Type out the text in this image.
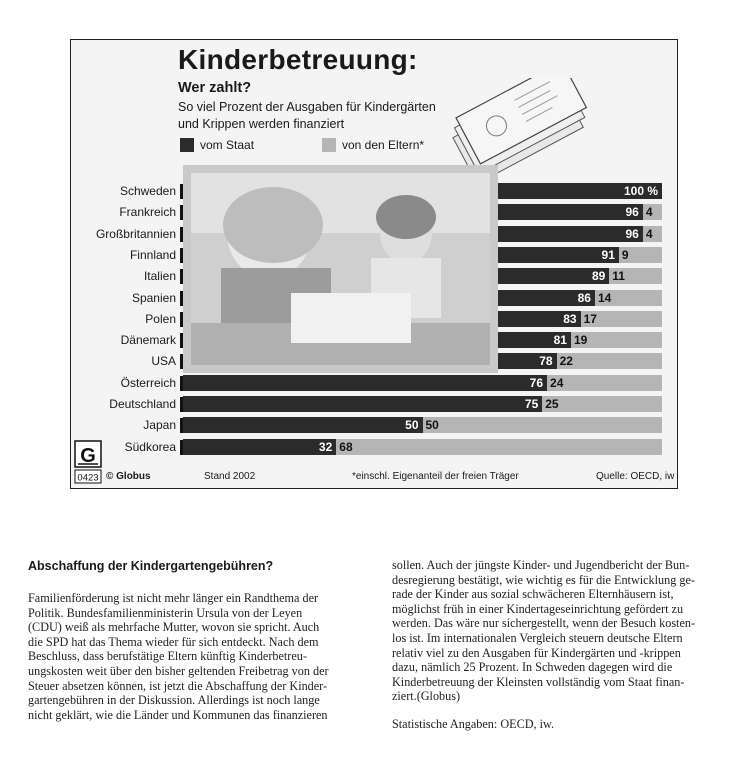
Kinderbetreuung:
Wer zahlt?
So viel Prozent der Ausgaben für Kindergärten
und Krippen werden finanziert
vom Staat	von den Eltern*
Schweden	100 %
Frankreich	96 4
Großbritannien	96 4
Finnland	91 9
Italien	89 11
Spanien	86 14
Polen	83 17
Dänemark	81 19
USA	78 22
Österreich	76 24
Deutschland	75 25
Japan	50 50
Südkorea	32 68
G
0423 © Globus	Stand 2002	*einschl. Eigenanteil der freien Träger	Quelle: OECD, iw
Abschaffung der Kindergartengebühren?

Familienförderung ist nicht mehr länger ein Randthema der

Politik. Bundesfamilienministerin Ursula von der Leyen

(CDU) weiß als mehrfache Mutter, wovon sie spricht. Auch

die SPD hat das Thema wieder für sich entdeckt. Nach dem

Beschluss, dass berufstätige Eltern künftig Kinderbetreu-

ungskosten weit über den bisher geltenden Freibetrag von der

Steuer absetzen können, ist jetzt die Abschaffung der Kinder-

gartengebühren in der Diskussion. Allerdings ist noch lange

nicht geklärt, wie die Länder und Kommunen das finanzieren

sollen. Auch der jüngste Kinder- und Jugendbericht der Bun-

desregierung bestätigt, wie wichtig es für die Entwicklung ge-

rade der Kinder aus sozial schwächeren Elternhäusern ist,

möglichst früh in einer Kindertageseinrichtung gefördert zu

werden. Das wäre nur sichergestellt, wenn der Besuch kosten-

los ist. Im internationalen Vergleich steuern deutsche Eltern

relativ viel zu den Ausgaben für Kindergärten und -krippen

dazu, nämlich 25 Prozent. In Schweden dagegen wird die

Kinderbetreuung der Kleinsten vollständig vom Staat finan-

ziert.(Globus)

Statistische Angaben: OECD, iw.
